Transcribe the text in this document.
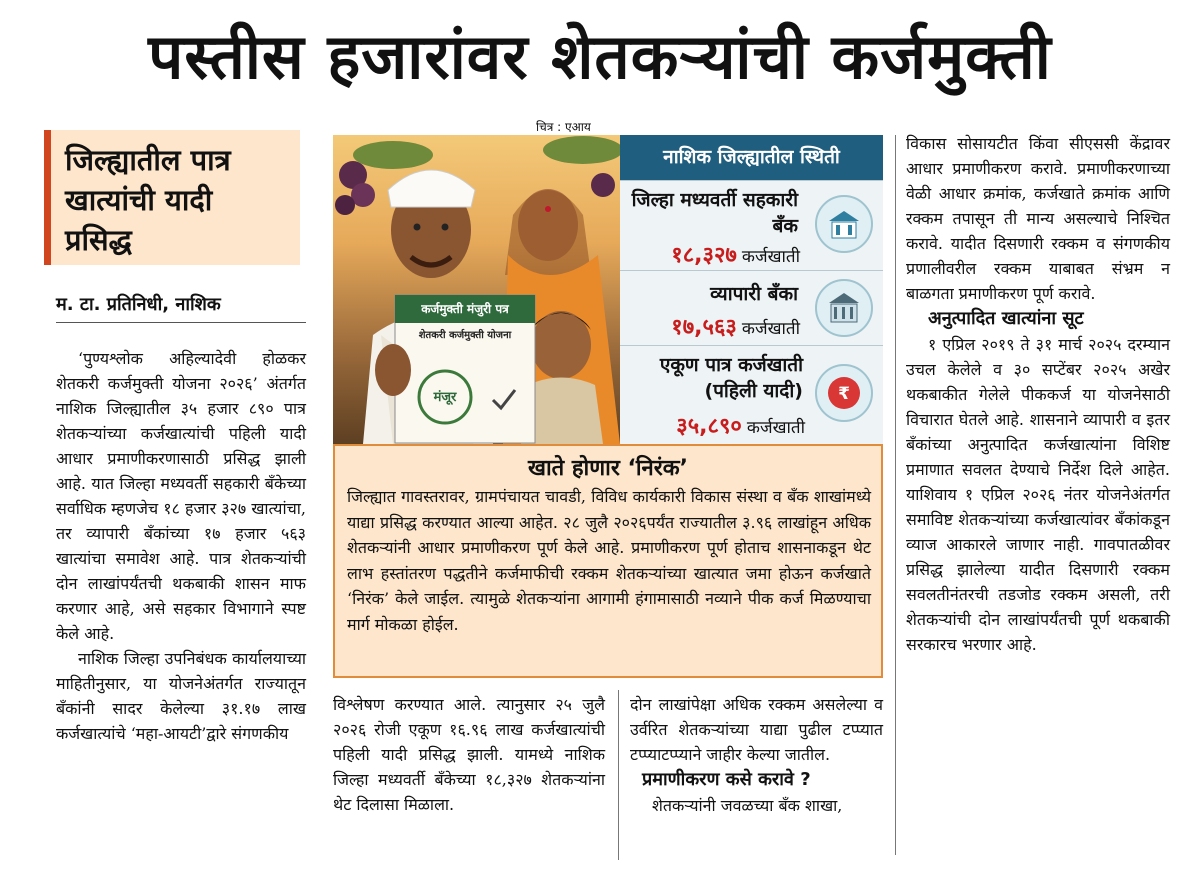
पस्तीस हजारांवर शेतकऱ्यांची कर्जमुक्ती
जिल्ह्यातील पात्र खात्यांची यादी प्रसिद्ध
म. टा. प्रतिनिधी, नाशिक

‘पुण्यश्लोक अहिल्यादेवी होळकर शेतकरी कर्जमुक्ती योजना २०२६’ अंतर्गत नाशिक जिल्ह्यातील ३५ हजार ८९० पात्र शेतकऱ्यांच्या कर्जखात्यांची पहिली यादी आधार प्रमाणीकरणासाठी प्रसिद्ध झाली आहे. यात जिल्हा मध्यवर्ती सहकारी बँकेच्या सर्वाधिक म्हणजेच १८ हजार ३२७ खात्यांचा, तर व्यापारी बँकांच्या १७ हजार ५६३ खात्यांचा समावेश आहे. पात्र शेतकऱ्यांची दोन लाखांपर्यंतची थकबाकी शासन माफ करणार आहे, असे सहकार विभागाने स्पष्ट केले आहे.

नाशिक जिल्हा उपनिबंधक कार्यालयाच्या माहितीनुसार, या योजनेअंतर्गत राज्यातून बँकांनी सादर केलेल्या ३१.१७ लाख कर्जखात्यांचे ‘महा-आयटी’द्वारे संगणकीय

चित्र : एआय
कर्जमुक्ती मंजुरी पत्र
शेतकरी कर्जमुक्ती योजना
मंजूर
नाशिक जिल्ह्यातील स्थिती
जिल्हा मध्यवर्ती सहकारी बँक
१८,३२७ कर्जखाती
व्यापारी बँका
१७,५६३ कर्जखाती
एकूण पात्र कर्जखाती (पहिली यादी)
३५,८९० कर्जखाती
₹
खाते होणार ‘निरंक’

जिल्ह्यात गावस्तरावर, ग्रामपंचायत चावडी, विविध कार्यकारी विकास संस्था व बँक शाखांमध्ये याद्या प्रसिद्ध करण्यात आल्या आहेत. २८ जुलै २०२६पर्यंत राज्यातील ३.९६ लाखांहून अधिक शेतकऱ्यांनी आधार प्रमाणीकरण पूर्ण केले आहे. प्रमाणीकरण पूर्ण होताच शासनाकडून थेट लाभ हस्तांतरण पद्धतीने कर्जमाफीची रक्कम शेतकऱ्यांच्या खात्यात जमा होऊन कर्जखाते ‘निरंक’ केले जाईल. त्यामुळे शेतकऱ्यांना आगामी हंगामासाठी नव्याने पीक कर्ज मिळण्याचा मार्ग मोकळा होईल.

विश्लेषण करण्यात आले. त्यानुसार २५ जुलै २०२६ रोजी एकूण १६.९६ लाख कर्जखात्यांची पहिली यादी प्रसिद्ध झाली. यामध्ये नाशिक जिल्हा मध्यवर्ती बँकेच्या १८,३२७ शेतकऱ्यांना थेट दिलासा मिळाला.

दोन लाखांपेक्षा अधिक रक्कम असलेल्या व उर्वरित शेतकऱ्यांच्या याद्या पुढील टप्प्यात टप्प्याटप्प्याने जाहीर केल्या जातील.

प्रमाणीकरण कसे करावे ?

शेतकऱ्यांनी जवळच्या बँक शाखा,

विकास सोसायटीत किंवा सीएससी केंद्रावर आधार प्रमाणीकरण करावे. प्रमाणीकरणाच्या वेळी आधार क्रमांक, कर्जखाते क्रमांक आणि रक्कम तपासून ती मान्य असल्याचे निश्चित करावे. यादीत दिसणारी रक्कम व संगणकीय प्रणालीवरील रक्कम याबाबत संभ्रम न बाळगता प्रमाणीकरण पूर्ण करावे.

अनुत्पादित खात्यांना सूट

१ एप्रिल २०१९ ते ३१ मार्च २०२५ दरम्यान उचल केलेले व ३० सप्टेंबर २०२५ अखेर थकबाकीत गेलेले पीककर्ज या योजनेसाठी विचारात घेतले आहे. शासनाने व्यापारी व इतर बँकांच्या अनुत्पादित कर्जखात्यांना विशिष्ट प्रमाणात सवलत देण्याचे निर्देश दिले आहेत. याशिवाय १ एप्रिल २०२६ नंतर योजनेअंतर्गत समाविष्ट शेतकऱ्यांच्या कर्जखात्यांवर बँकांकडून व्याज आकारले जाणार नाही. गावपातळीवर प्रसिद्ध झालेल्या यादीत दिसणारी रक्कम सवलतीनंतरची तडजोड रक्कम असली, तरी शेतकऱ्यांची दोन लाखांपर्यंतची पूर्ण थकबाकी सरकारच भरणार आहे.
